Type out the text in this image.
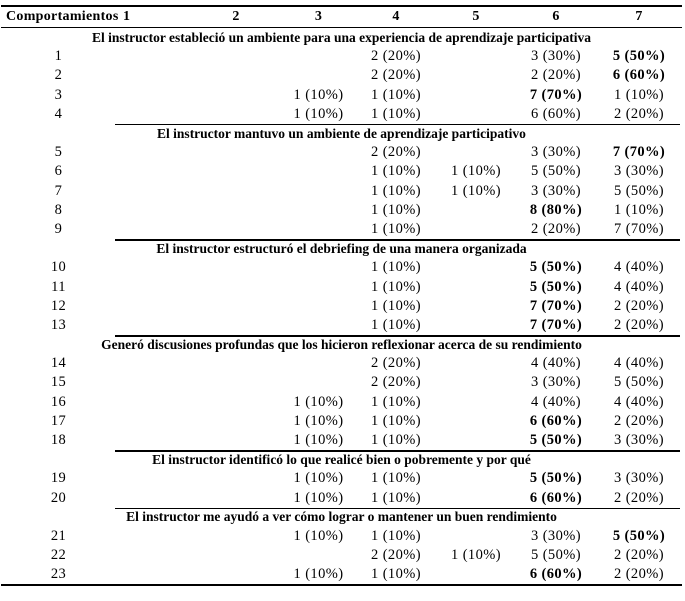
Comportamientos	1	2	3	4	5	6	7
El instructor estableció un ambiente para una experiencia de aprendizaje participativa							
1				2 (20%)		3 (30%)	5 (50%)
2				2 (20%)		2 (20%)	6 (60%)
3			1 (10%)	1 (10%)		7 (70%)	1 (10%)
4			1 (10%)	1 (10%)		6 (60%)	2 (20%)
El instructor mantuvo un ambiente de aprendizaje participativo							
5				2 (20%)		3 (30%)	7 (70%)
6				1 (10%)	1 (10%)	5 (50%)	3 (30%)
7				1 (10%)	1 (10%)	3 (30%)	5 (50%)
8				1 (10%)		8 (80%)	1 (10%)
9				1 (10%)		2 (20%)	7 (70%)
El instructor estructuró el debriefing de una manera organizada							
10				1 (10%)		5 (50%)	4 (40%)
11				1 (10%)		5 (50%)	4 (40%)
12				1 (10%)		7 (70%)	2 (20%)
13				1 (10%)		7 (70%)	2 (20%)
Generó discusiones profundas que los hicieron reflexionar acerca de su rendimiento							
14				2 (20%)		4 (40%)	4 (40%)
15				2 (20%)		3 (30%)	5 (50%)
16			1 (10%)	1 (10%)		4 (40%)	4 (40%)
17			1 (10%)	1 (10%)		6 (60%)	2 (20%)
18			1 (10%)	1 (10%)		5 (50%)	3 (30%)
El instructor identificó lo que realicé bien o pobremente y por qué							
19			1 (10%)	1 (10%)		5 (50%)	3 (30%)
20			1 (10%)	1 (10%)		6 (60%)	2 (20%)
El instructor me ayudó a ver cómo lograr o mantener un buen rendimiento							
21			1 (10%)	1 (10%)		3 (30%)	5 (50%)
22				2 (20%)	1 (10%)	5 (50%)	2 (20%)
23			1 (10%)	1 (10%)		6 (60%)	2 (20%)
